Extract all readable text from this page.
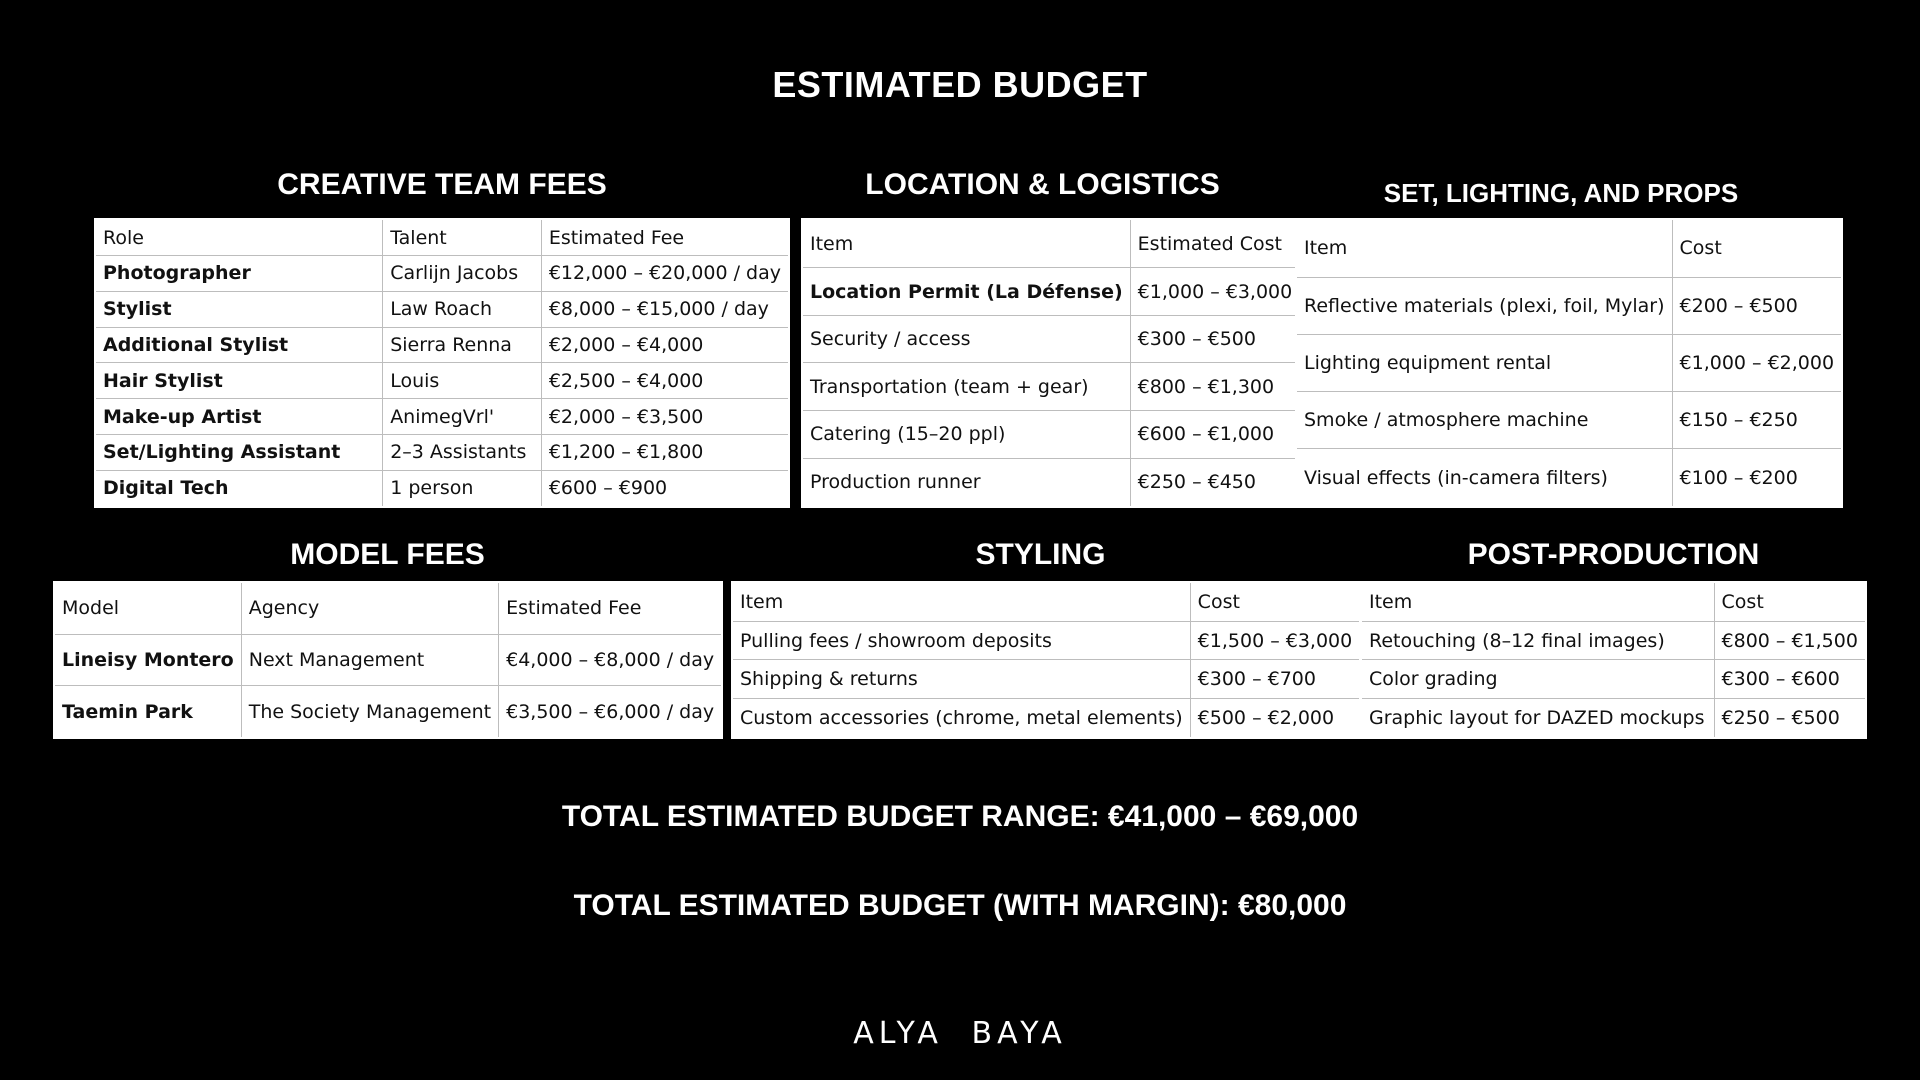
ESTIMATED BUDGET
CREATIVE TEAM FEES
Role	Talent	Estimated Fee
Photographer	Carlijn Jacobs	€12,000 – €20,000 / day
Stylist	Law Roach	€8,000 – €15,000 / day
Additional Stylist	Sierra Renna	€2,000 – €4,000
Hair Stylist	Louis	€2,500 – €4,000
Make-up Artist	AnimegVrl'	€2,000 – €3,500
Set/Lighting Assistant	2–3 Assistants	€1,200 – €1,800
Digital Tech	1 person	€600 – €900
LOCATION & LOGISTICS
Item	Estimated Cost
Location Permit (La Défense)	€1,000 – €3,000
Security / access	€300 – €500
Transportation (team + gear)	€800 – €1,300
Catering (15–20 ppl)	€600 – €1,000
Production runner	€250 – €450
SET, LIGHTING, AND PROPS
Item	Cost
Reflective materials (plexi, foil, Mylar)	€200 – €500
Lighting equipment rental	€1,000 – €2,000
Smoke / atmosphere machine	€150 – €250
Visual effects (in-camera filters)	€100 – €200
MODEL FEES
Model	Agency	Estimated Fee
Lineisy Montero	Next Management	€4,000 – €8,000 / day
Taemin Park	The Society Management	€3,500 – €6,000 / day
STYLING
Item	Cost
Pulling fees / showroom deposits	€1,500 – €3,000
Shipping & returns	€300 – €700
Custom accessories (chrome, metal elements)	€500 – €2,000
POST-PRODUCTION
Item	Cost
Retouching (8–12 final images)	€800 – €1,500
Color grading	€300 – €600
Graphic layout for DAZED mockups	€250 – €500
TOTAL ESTIMATED BUDGET RANGE: €41,000 – €69,000
TOTAL ESTIMATED BUDGET (WITH MARGIN): €80,000
ALYA BAYA
